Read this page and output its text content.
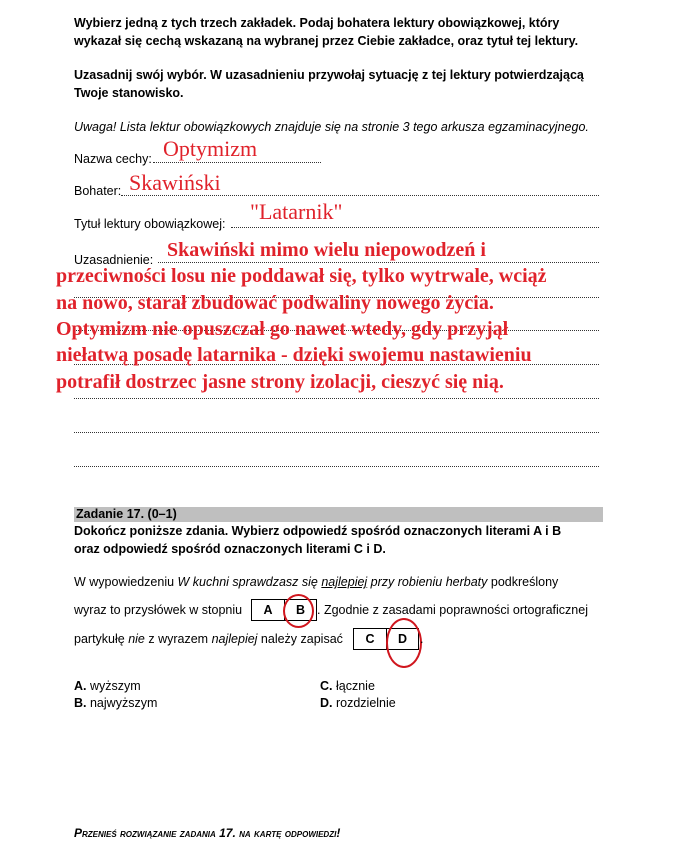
Wybierz jedną z tych trzech zakładek. Podaj bohatera lektury obowiązkowej, który
wykazał się cechą wskazaną na wybranej przez Ciebie zakładce, oraz tytuł tej lektury.
Uzasadnij swój wybór. W uzasadnieniu przywołaj sytuację z tej lektury potwierdzającą
Twoje stanowisko.
Uwaga! Lista lektur obowiązkowych znajduje się na stronie 3 tego arkusza egzaminacyjnego.
Nazwa cechy: Optymizm
Bohater: Skawiński
Tytuł lektury obowiązkowej: "Latarnik"
Uzasadnienie: Skawiński mimo wielu niepowodzeń i
przeciwności losu nie poddawał się, tylko wytrwale, wciąż
na nowo, starał zbudować podwaliny nowego życia.
Optymizm nie opuszczał go nawet wtedy, gdy przyjął
niełatwą posadę latarnika - dzięki swojemu nastawieniu
potrafił dostrzec jasne strony izolacji, cieszyć się nią.
Zadanie 17. (0–1)
Dokończ poniższe zdania. Wybierz odpowiedź spośród oznaczonych literami A i B
oraz odpowiedź spośród oznaczonych literami C i D.
W wypowiedzeniu W kuchni sprawdzasz się najlepiej przy robieniu herbaty podkreślony
wyraz to przysłówek w stopniu	A	B . Zgodnie z zasadami poprawności ortograficznej
partykułę nie z wyrazem najlepiej należy zapisać	C	D	.
A. wyższym
B. najwyższym
C. łącznie
D. rozdzielnie
Przenieś rozwiązanie zadania 17. na kartę odpowiedzi!
